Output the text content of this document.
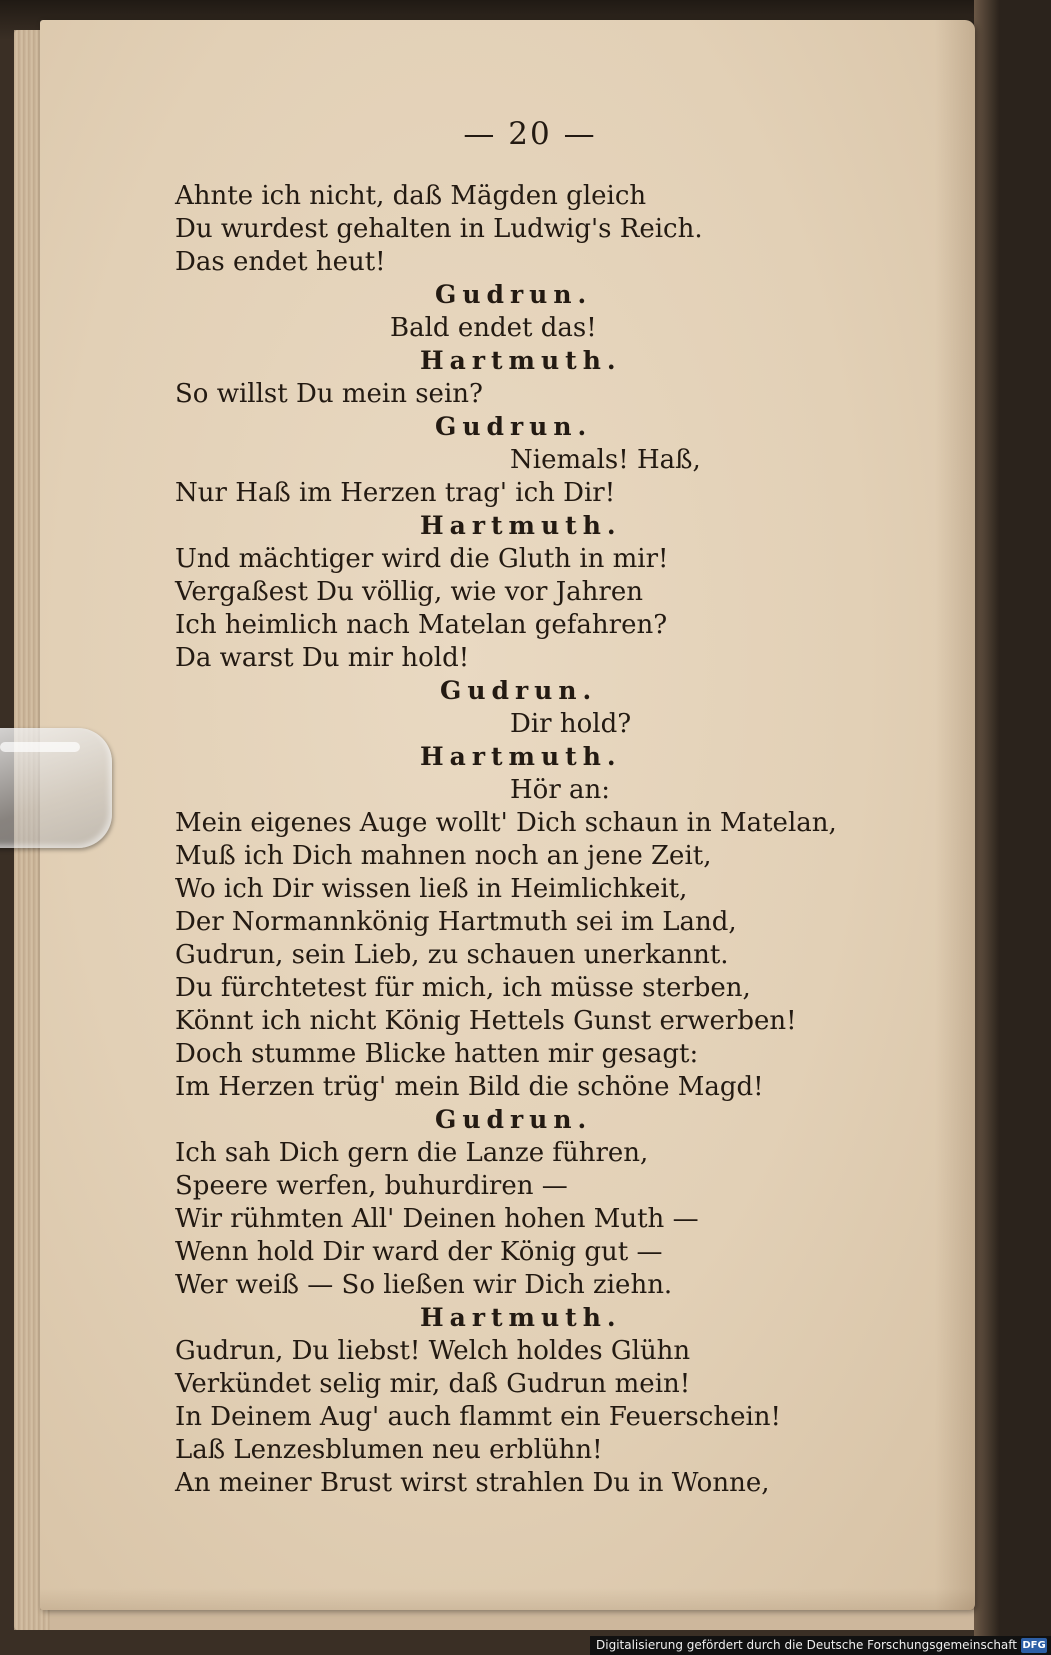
— 20 —
Ahnte ich nicht, daß Mägden gleich
Du wurdest gehalten in Ludwig's Reich.
Das endet heut!
Gudrun.
Bald endet das!
Hartmuth.
So willst Du mein sein?
Gudrun.
Niemals! Haß,
Nur Haß im Herzen trag' ich Dir!
Hartmuth.
Und mächtiger wird die Gluth in mir!
Vergaßest Du völlig, wie vor Jahren
Ich heimlich nach Matelan gefahren?
Da warst Du mir hold!
Gudrun.
Dir hold?
Hartmuth.
Hör an:
Mein eigenes Auge wollt' Dich schaun in Matelan,
Muß ich Dich mahnen noch an jene Zeit,
Wo ich Dir wissen ließ in Heimlichkeit,
Der Normannkönig Hartmuth sei im Land,
Gudrun, sein Lieb, zu schauen unerkannt.
Du fürchtetest für mich, ich müsse sterben,
Könnt ich nicht König Hettels Gunst erwerben!
Doch stumme Blicke hatten mir gesagt:
Im Herzen trüg' mein Bild die schöne Magd!
Gudrun.
Ich sah Dich gern die Lanze führen,
Speere werfen, buhurdiren —
Wir rühmten All' Deinen hohen Muth —
Wenn hold Dir ward der König gut —
Wer weiß — So ließen wir Dich ziehn.
Hartmuth.
Gudrun, Du liebst! Welch holdes Glühn
Verkündet selig mir, daß Gudrun mein!
In Deinem Aug' auch flammt ein Feuerschein!
Laß Lenzesblumen neu erblühn!
An meiner Brust wirst strahlen Du in Wonne,
Digitalisierung gefördert durch die Deutsche Forschungsgemeinschaft DFG
